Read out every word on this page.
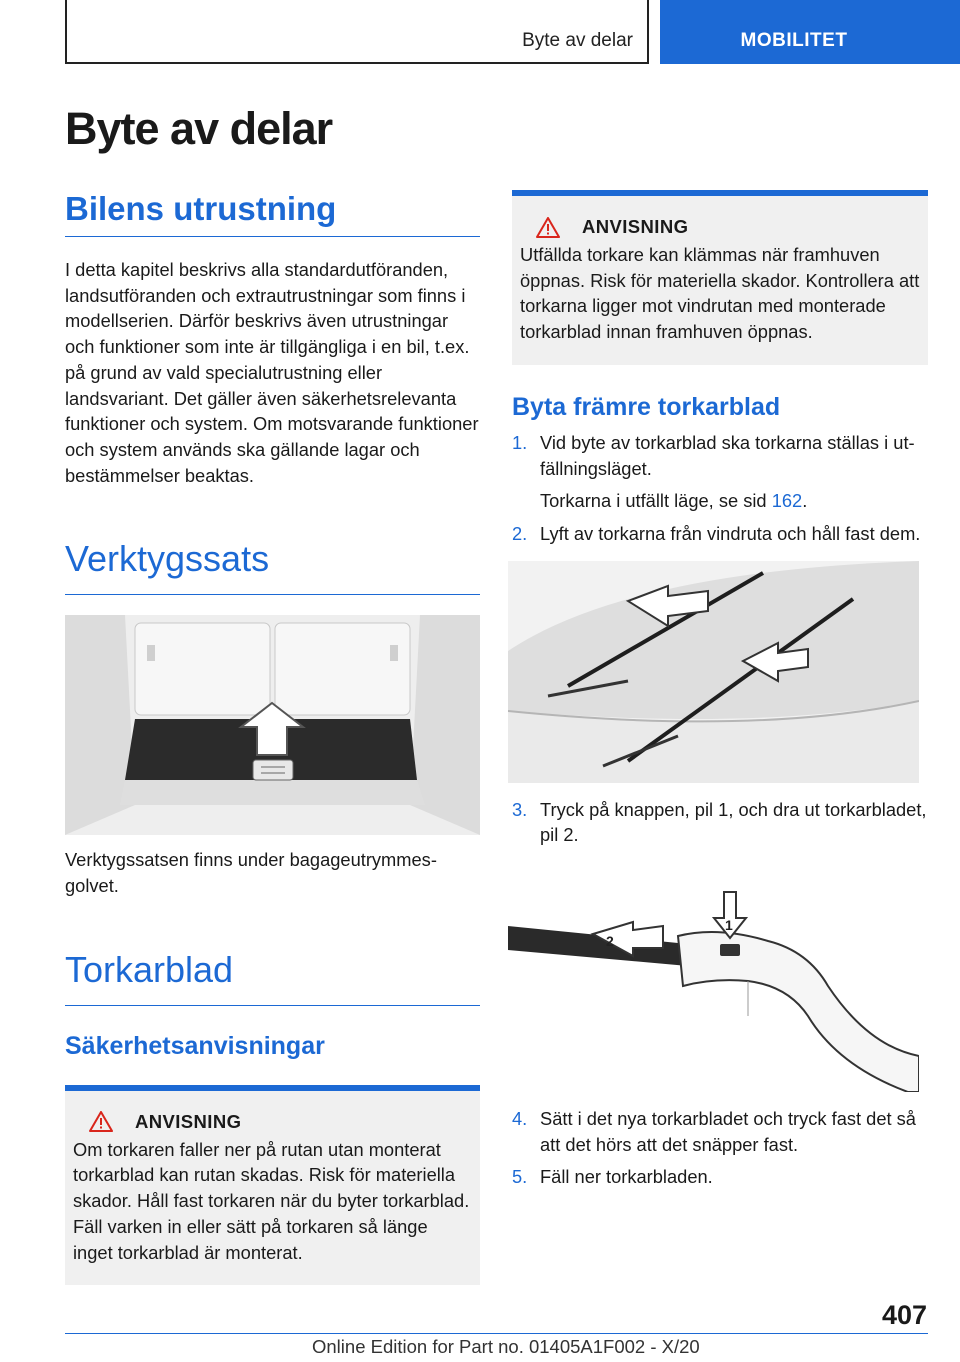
Byte av delar	MOBILITET
Byte av delar
Bilens utrustning
I detta kapitel beskrivs alla standardutföranden, landsutföranden och extrautrustningar som finns i modellserien. Därför beskrivs även utrustningar och funktioner som inte är tillgängliga i en bil, t.ex. på grund av vald specialutrustning eller landsvariant. Det gäller även säkerhetsrelevanta funktioner och system. Om motsvarande funktioner och system används ska gällande lagar och bestämmelser beaktas.
Verktygssats
Verktygssatsen finns under bagageutrymmesgolvet.
Torkarblad
Säkerhetsanvisningar
ANVISNING
Om torkaren faller ner på rutan utan monterat torkarblad kan rutan skadas. Risk för materiella skador. Håll fast torkaren när du byter torkarblad. Fäll varken in eller sätt på torkaren så länge inget torkarblad är monterat.
ANVISNING
Utfällda torkare kan klämmas när framhuven öppnas. Risk för materiella skador. Kontrollera att torkarna ligger mot vindrutan med monterade torkarblad innan framhuven öppnas.
Byta främre torkarblad
1. Vid byte av torkarblad ska torkarna ställas i utfällningsläget.
Torkarna i utfällt läge, se sid 162.
2. Lyft av torkarna från vindruta och håll fast dem.
3. Tryck på knappen, pil 1, och dra ut torkarbladet, pil 2.
1
2
4. Sätt i det nya torkarbladet och tryck fast det så att det hörs att det snäpper fast.
5. Fäll ner torkarbladen.
407
Online Edition for Part no. 01405A1F002 - X/20
